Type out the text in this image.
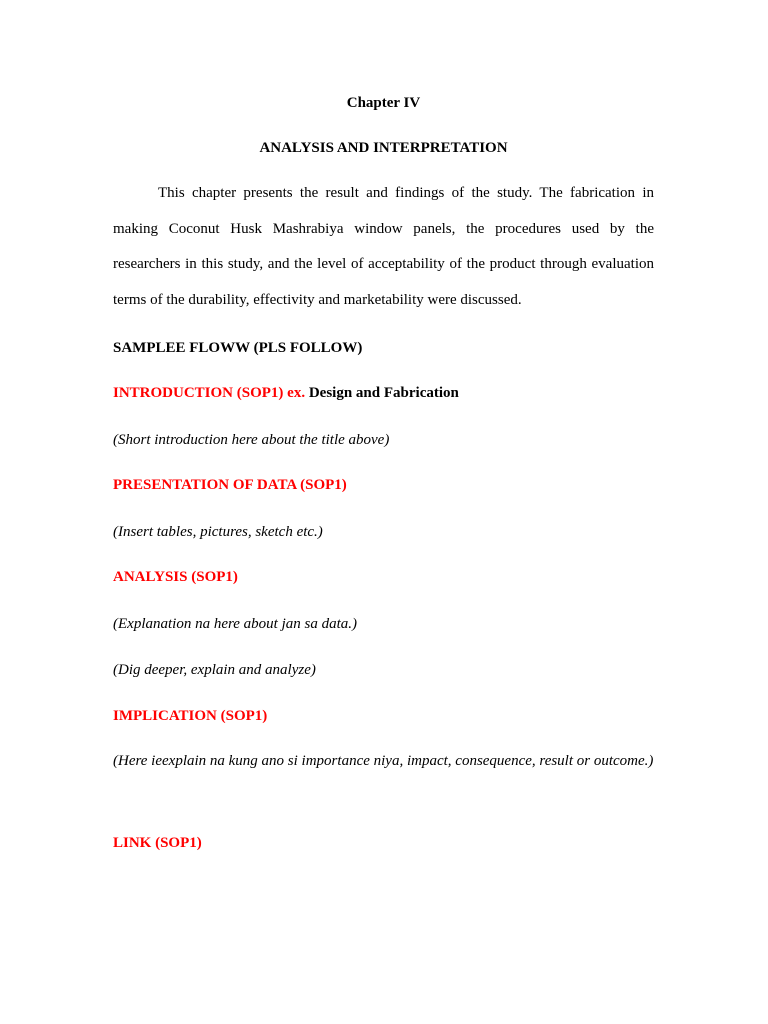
Chapter IV
ANALYSIS AND INTERPRETATION
This chapter presents the result and findings of the study. The fabrication in making Coconut Husk Mashrabiya window panels, the procedures used by the researchers in this study, and the level of acceptability of the product through evaluation terms of the durability, effectivity and marketability were discussed.
SAMPLEE FLOWW (PLS FOLLOW)
INTRODUCTION (SOP1) ex. Design and Fabrication
(Short introduction here about the title above)
PRESENTATION OF DATA (SOP1)
(Insert tables, pictures, sketch etc.)
ANALYSIS (SOP1)
(Explanation na here about jan sa data.)
(Dig deeper, explain and analyze)
IMPLICATION (SOP1)
(Here ieexplain na kung ano si importance niya, impact, consequence, result or outcome.)
LINK (SOP1)
